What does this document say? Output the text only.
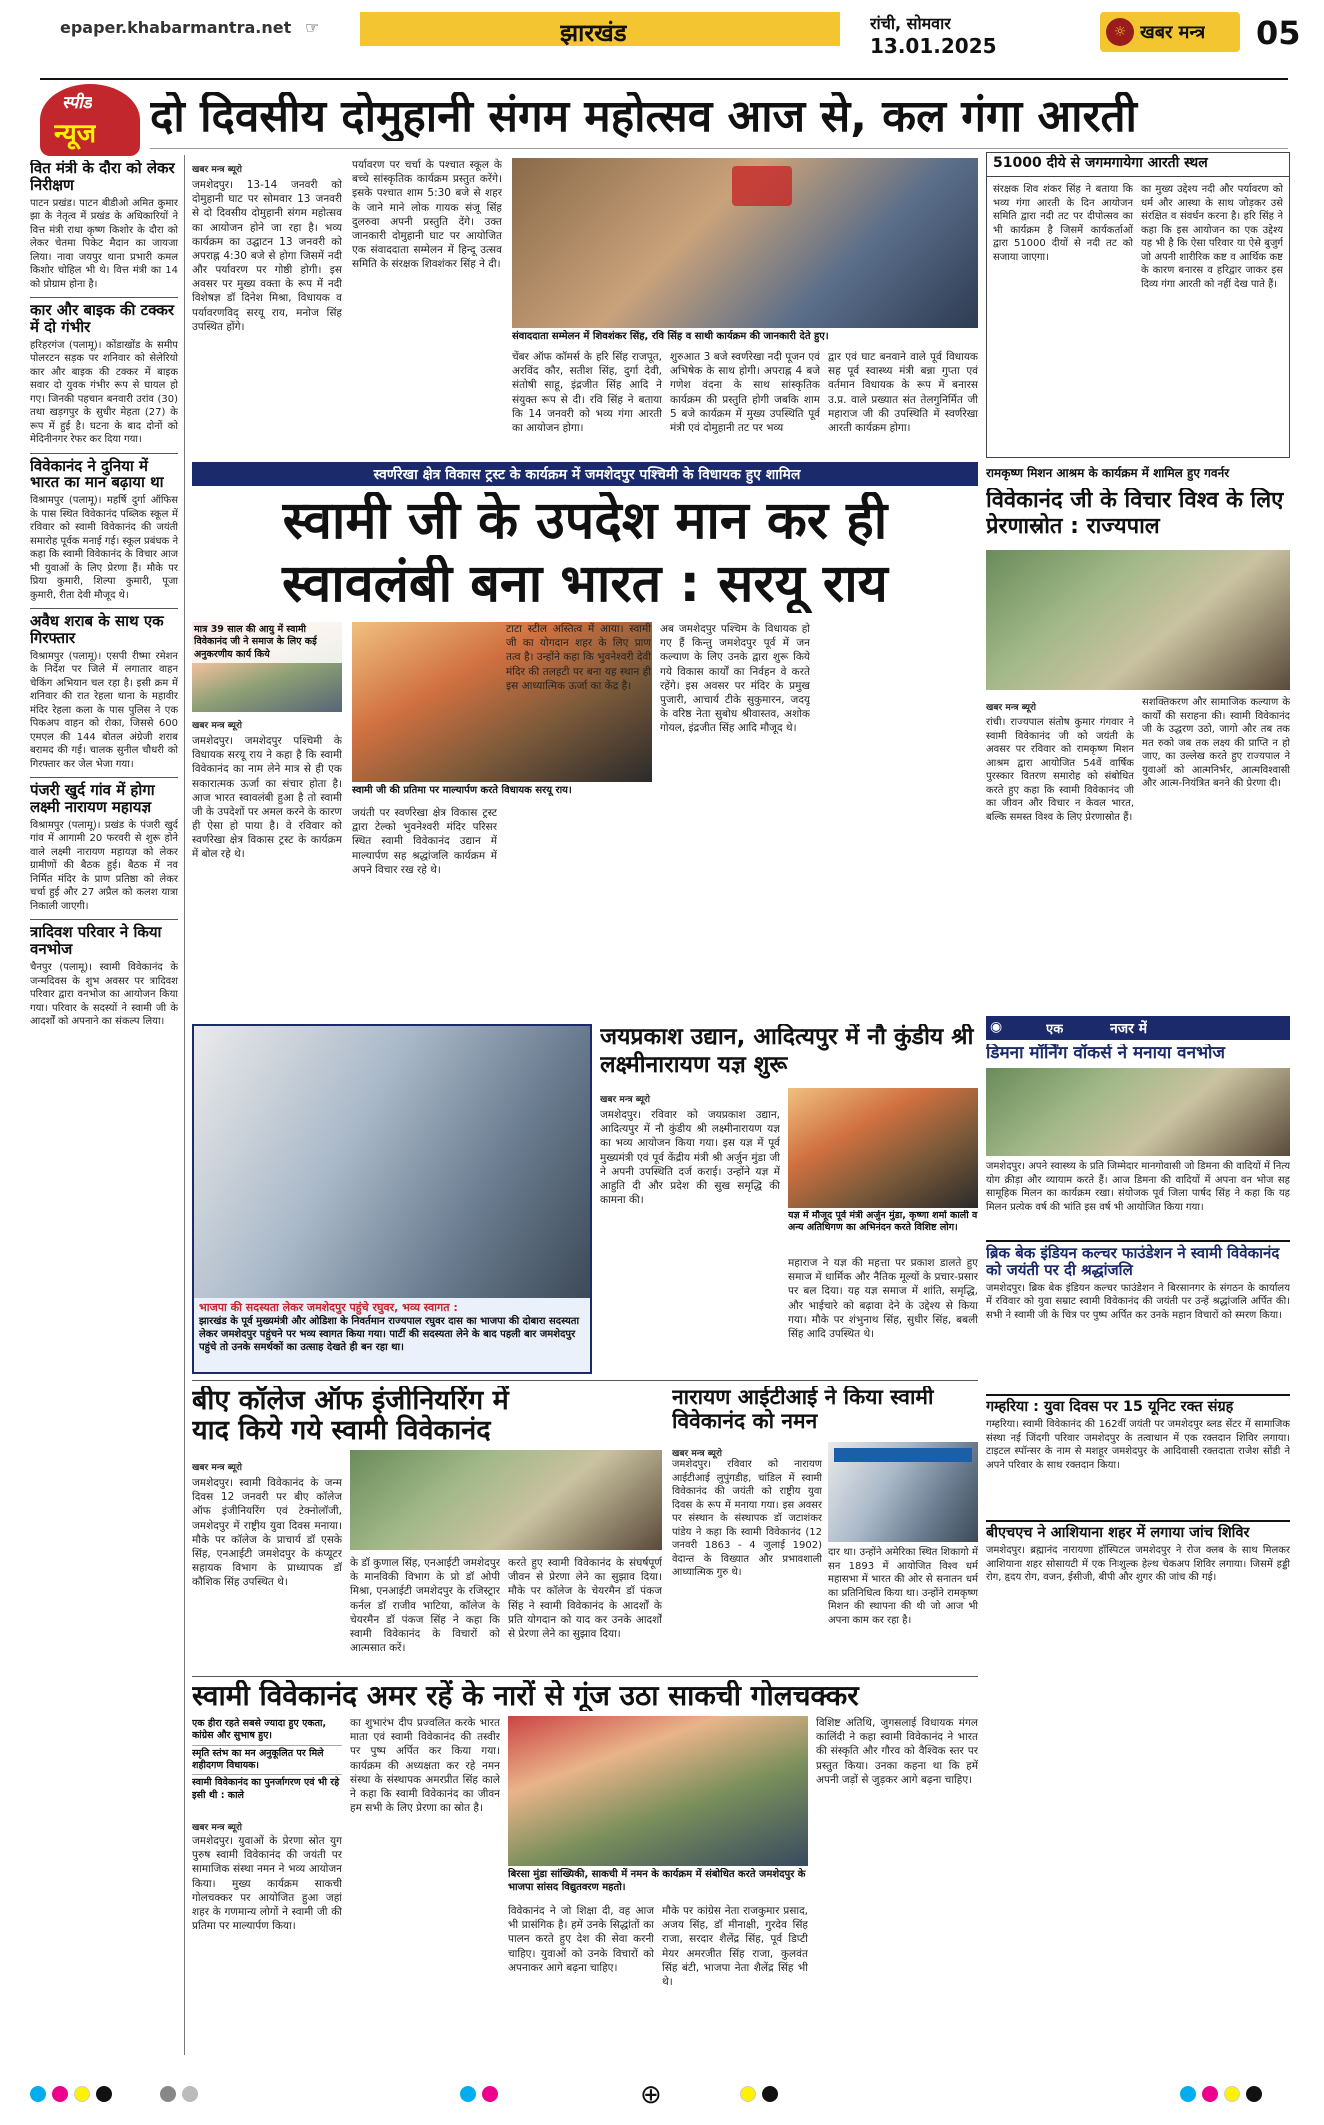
epaper.khabarmantra.net ☞	झारखंड	रांची, सोमवार
13.01.2025
☼ खबर मन्त्र 05
स्पीड
न्यूज दो दिवसीय दोमुहानी संगम महोत्सव आज से, कल गंगा आरती
वित मंत्री के दौरा को लेकर निरीक्षण
पाटन प्रखंड। पाटन बीडीओ अमित कुमार झा के नेतृत्व में प्रखंड के अधिकारियों ने वित्त मंत्री राधा कृष्ण किशोर के दौरा को लेकर चेतमा पिकेट मैदान का जायजा लिया। नावा जयपुर थाना प्रभारी कमल किशोर चोहिल भी थे। वित्त मंत्री का 14 को प्रोग्राम होना है।
कार और बाइक की टक्कर में दो गंभीर
हरिहरगंज (पलामू)। कोंडाखोंड के समीप पोलरटन सड़क पर शनिवार को सेलेरियो कार और बाइक की टक्कर में बाइक सवार दो युवक गंभीर रूप से घायल हो गए। जिनकी पहचान बनवारी उरांव (30) तथा खड़गपुर के सुधीर मेहता (27) के रूप में हुई है। घटना के बाद दोनों को मेदिनीनगर रेफर कर दिया गया।
विवेकानंद ने दुनिया में भारत का मान बढ़ाया था
विश्रामपुर (पलामू)। महर्षि दुर्गा ऑफिस के पास स्थित विवेकानंद पब्लिक स्कूल में रविवार को स्वामी विवेकानंद की जयंती समारोह पूर्वक मनाई गई। स्कूल प्रबंधक ने कहा कि स्वामी विवेकानंद के विचार आज भी युवाओं के लिए प्रेरणा हैं। मौके पर प्रिया कुमारी, शिल्पा कुमारी, पूजा कुमारी, रीता देवी मौजूद थे।
अवैध शराब के साथ एक गिरफ्तार
विश्रामपुर (पलामू)। एसपी रीष्मा रमेशन के निर्देश पर जिले में लगातार वाहन चेकिंग अभियान चल रहा है। इसी क्रम में शनिवार की रात रेहला थाना के महावीर मंदिर रेहला कला के पास पुलिस ने एक पिकअप वाहन को रोका, जिससे 600 एमएल की 144 बोतल अंग्रेजी शराब बरामद की गई। चालक सुनील चौधरी को गिरफ्तार कर जेल भेजा गया।
पंजरी खुर्द गांव में होगा लक्ष्मी नारायण महायज्ञ
विश्रामपुर (पलामू)। प्रखंड के पंजरी खुर्द गांव में आगामी 20 फरवरी से शुरू होने वाले लक्ष्मी नारायण महायज्ञ को लेकर ग्रामीणों की बैठक हुई। बैठक में नव निर्मित मंदिर के प्राण प्रतिष्ठा को लेकर चर्चा हुई और 27 अप्रैल को कलश यात्रा निकाली जाएगी।
त्रादिवश परिवार ने किया वनभोज
चैनपुर (पलामू)। स्वामी विवेकानंद के जन्मदिवस के शुभ अवसर पर त्रादिवश परिवार द्वारा वनभोज का आयोजन किया गया। परिवार के सदस्यों ने स्वामी जी के आदर्शों को अपनाने का संकल्प लिया।
खबर मन्त्र ब्यूरो
जमशेदपुर। 13-14 जनवरी को दोमुहानी घाट पर सोमवार 13 जनवरी से दो दिवसीय दोमुहानी संगम महोत्सव का आयोजन होने जा रहा है। भव्य कार्यक्रम का उद्घाटन 13 जनवरी को अपराह्न 4:30 बजे से होगा जिसमें नदी और पर्यावरण पर गोष्ठी होगी। इस अवसर पर मुख्य वक्ता के रूप में नदी विशेषज्ञ डॉ दिनेश मिश्रा, विधायक व पर्यावरणविद् सरयू राय, मनोज सिंह उपस्थित होंगे।
पर्यावरण पर चर्चा के पश्चात स्कूल के बच्चे सांस्कृतिक कार्यक्रम प्रस्तुत करेंगे। इसके पश्चात शाम 5:30 बजे से शहर के जाने माने लोक गायक संजू सिंह दुलरुवा अपनी प्रस्तुति देंगे। उक्त जानकारी दोमुहानी घाट पर आयोजित एक संवाददाता सम्मेलन में हिन्दू उत्सव समिति के संरक्षक शिवशंकर सिंह ने दी।
संवाददाता सम्मेलन में शिवशंकर सिंह, रवि सिंह व साथी कार्यक्रम की जानकारी देते हुए।
चेंबर ऑफ कॉमर्स के हरि सिंह राजपूत, अरविंद कौर, सतीश सिंह, दुर्गा देवी, संतोषी साहू, इंद्रजीत सिंह आदि ने संयुक्त रूप से दी। रवि सिंह ने बताया कि 14 जनवरी को भव्य गंगा आरती का आयोजन होगा।
शुरुआत 3 बजे स्वर्णरेखा नदी पूजन एवं अभिषेक के साथ होगी। अपराह्न 4 बजे गणेश वंदना के साथ सांस्कृतिक कार्यक्रम की प्रस्तुति होगी जबकि शाम 5 बजे कार्यक्रम में मुख्य उपस्थिति पूर्व मंत्री एवं दोमुहानी तट पर भव्य
द्वार एवं घाट बनवाने वाले पूर्व विधायक सह पूर्व स्वास्थ्य मंत्री बन्ना गुप्ता एवं वर्तमान विधायक के रूप में बनारस उ.प्र. वाले प्रख्यात संत तेलगुनिर्मित जी महाराज जी की उपस्थिति में स्वर्णरेखा आरती कार्यक्रम होगा।
51000 दीये से जगमगायेगा आरती स्थल
संरक्षक शिव शंकर सिंह ने बताया कि भव्य गंगा आरती के दिन आयोजन समिति द्वारा नदी तट पर दीपोत्सव का भी कार्यक्रम है जिसमें कार्यकर्ताओं द्वारा 51000 दीयों से नदी तट को सजाया जाएगा।
का मुख्य उद्देश्य नदी और पर्यावरण को धर्म और आस्था के साथ जोड़कर उसे संरक्षित व संवर्धन करना है। हरि सिंह ने कहा कि इस आयोजन का एक उद्देश्य यह भी है कि ऐसा परिवार या ऐसे बुजुर्ग जो अपनी शारीरिक कष्ट व आर्थिक कष्ट के कारण बनारस व हरिद्वार जाकर इस दिव्य गंगा आरती को नहीं देख पाते हैं।
स्वर्णरेखा क्षेत्र विकास ट्रस्ट के कार्यक्रम में जमशेदपुर पश्चिमी के विधायक हुए शामिल	रामकृष्ण मिशन आश्रम के कार्यक्रम में शामिल हुए गवर्नर
स्वामी जी के उपदेश मान कर ही
स्वावलंबी बना भारत : सरयू राय
मात्र 39 साल की आयु में स्वामी विवेकानंद जी ने समाज के लिए कई अनुकरणीय कार्य किये
खबर मन्त्र ब्यूरो
जमशेदपुर। जमशेदपुर पश्चिमी के विधायक सरयू राय ने कहा है कि स्वामी विवेकानंद का नाम लेने मात्र से ही एक सकारात्मक ऊर्जा का संचार होता है। आज भारत स्वावलंबी हुआ है तो स्वामी जी के उपदेशों पर अमल करने के कारण ही ऐसा हो पाया है। वे रविवार को स्वर्णरेखा क्षेत्र विकास ट्रस्ट के कार्यक्रम में बोल रहे थे।
स्वामी जी की प्रतिमा पर माल्यार्पण करते विधायक सरयू राय।
जयंती पर स्वर्णरेखा क्षेत्र विकास ट्रस्ट द्वारा टेल्को भुवनेश्वरी मंदिर परिसर स्थित स्वामी विवेकानंद उद्यान में माल्यार्पण सह श्रद्धांजलि कार्यक्रम में अपने विचार रख रहे थे।
टाटा स्टील अस्तित्व में आया। स्वामी जी का योगदान शहर के लिए प्राण तत्व है। उन्होंने कहा कि भुवनेश्वरी देवी मंदिर की तलहटी पर बना यह स्थान ही इस आध्यात्मिक ऊर्जा का केंद्र है।
अब जमशेदपुर पश्चिम के विधायक हो गए हैं किन्तु जमशेदपुर पूर्व में जन कल्याण के लिए उनके द्वारा शुरू किये गये विकास कार्यों का निर्वहन वे करते रहेंगे। इस अवसर पर मंदिर के प्रमुख पुजारी, आचार्य टीके सुकुमारन, जदयू के वरिष्ठ नेता सुबोध श्रीवास्तव, अशोक गोयल, इंद्रजीत सिंह आदि मौजूद थे।
विवेकानंद जी के विचार विश्व के लिए प्रेरणास्रोत : राज्यपाल
खबर मन्त्र ब्यूरो
रांची। राज्यपाल संतोष कुमार गंगवार ने स्वामी विवेकानंद जी को जयंती के अवसर पर रविवार को रामकृष्ण मिशन आश्रम द्वारा आयोजित 54वें वार्षिक पुरस्कार वितरण समारोह को संबोधित करते हुए कहा कि स्वामी विवेकानंद जी का जीवन और विचार न केवल भारत, बल्कि समस्त विश्व के लिए प्रेरणास्रोत हैं।
सशक्तिकरण और सामाजिक कल्याण के कार्यों की सराहना की। स्वामी विवेकानंद जी के उद्धरण उठो, जागो और तब तक मत रुको जब तक लक्ष्य की प्राप्ति न हो जाए, का उल्लेख करते हुए राज्यपाल ने युवाओं को आत्मनिर्भर, आत्मविश्वासी और आत्म-नियंत्रित बनने की प्रेरणा दी।
भाजपा की सदस्यता लेकर जमशेदपुर पहुंचे रघुवर, भव्य स्वागत :
झारखंड के पूर्व मुख्यमंत्री और ओडिशा के निवर्तमान राज्यपाल रघुवर दास का भाजपा की दोबारा सदस्यता लेकर जमशेदपुर पहुंचने पर भव्य स्वागत किया गया। पार्टी की सदस्यता लेने के बाद पहली बार जमशेदपुर पहुंचे तो उनके समर्थकों का उत्साह देखते ही बन रहा था।
जयप्रकाश उद्यान, आदित्यपुर में नौ कुंडीय श्री लक्ष्मीनारायण यज्ञ शुरू
खबर मन्त्र ब्यूरो
जमशेदपुर। रविवार को जयप्रकाश उद्यान, आदित्यपुर में नौ कुंडीय श्री लक्ष्मीनारायण यज्ञ का भव्य आयोजन किया गया। इस यज्ञ में पूर्व मुख्यमंत्री एवं पूर्व केंद्रीय मंत्री श्री अर्जुन मुंडा जी ने अपनी उपस्थिति दर्ज कराई। उन्होंने यज्ञ में आहुति दी और प्रदेश की सुख समृद्धि की कामना की।
यज्ञ में मौजूद पूर्व मंत्री अर्जुन मुंडा, कृष्णा शर्मा काली व अन्य अतिथिगण का अभिनंदन करते विशिष्ट लोग।
महाराज ने यज्ञ की महत्ता पर प्रकाश डालते हुए समाज में धार्मिक और नैतिक मूल्यों के प्रचार-प्रसार पर बल दिया। यह यज्ञ समाज में शांति, समृद्धि, और भाईचारे को बढ़ावा देने के उद्देश्य से किया गया। मौके पर शंभुनाथ सिंह, सुधीर सिंह, बबली सिंह आदि उपस्थित थे।
◉	एक	नजर में
डिमना मॉर्निंग वॉकर्स ने मनाया वनभोज
जमशेदपुर। अपने स्वास्थ्य के प्रति जिम्मेदार मानगोवासी जो डिमना की वादियों में नित्य योग क्रीड़ा और व्यायाम करते हैं। आज डिमना की वादियों में अपना वन भोज सह सामूहिक मिलन का कार्यक्रम रखा। संयोजक पूर्व जिला पार्षद सिंह ने कहा कि यह मिलन प्रत्येक वर्ष की भांति इस वर्ष भी आयोजित किया गया।
ब्रिक बेक इंडियन कल्चर फाउंडेशन ने स्वामी विवेकानंद को जयंती पर दी श्रद्धांजलि
जमशेदपुर। ब्रिक बेक इंडियन कल्चर फाउंडेशन ने बिरसानगर के संगठन के कार्यालय में रविवार को युवा सम्राट स्वामी विवेकानंद की जयंती पर उन्हें श्रद्धांजलि अर्पित की। सभी ने स्वामी जी के चित्र पर पुष्प अर्पित कर उनके महान विचारों को स्मरण किया।
गम्हरिया : युवा दिवस पर 15 यूनिट रक्त संग्रह
गम्हरिया। स्वामी विवेकानंद की 162वीं जयंती पर जमशेदपुर ब्लड सेंटर में सामाजिक संस्था नई जिंदगी परिवार जमशेदपुर के तत्वाधान में एक रक्तदान शिविर लगाया। टाइटल स्पॉन्सर के नाम से मशहूर जमशेदपुर के आदिवासी रक्तदाता राजेश सोंडी ने अपने परिवार के साथ रक्तदान किया।
बीएचएच ने आशियाना शहर में लगाया जांच शिविर
जमशेदपुर। ब्रह्मानंद नारायणा हॉस्पिटल जमशेदपुर ने रोज क्लब के साथ मिलकर आशियाना शहर सोसायटी में एक निःशुल्क हेल्थ चेकअप शिविर लगाया। जिसमें हड्डी रोग, हृदय रोग, वजन, ईसीजी, बीपी और शुगर की जांच की गई।
बीए कॉलेज ऑफ इंजीनियरिंग में
याद किये गये स्वामी विवेकानंद
खबर मन्त्र ब्यूरो
जमशेदपुर। स्वामी विवेकानंद के जन्म दिवस 12 जनवरी पर बीए कॉलेज ऑफ इंजीनियरिंग एवं टेक्नोलॉजी, जमशेदपुर में राष्ट्रीय युवा दिवस मनाया। मौके पर कॉलेज के प्राचार्य डॉ एसके सिंह, एनआईटी जमशेदपुर के कंप्यूटर सहायक विभाग के प्राध्यापक डॉ कौशिक सिंह उपस्थित थे।
के डॉ कुणाल सिंह, एनआईटी जमशेदपुर के मानविकी विभाग के प्रो डॉ ओपी मिश्रा, एनआईटी जमशेदपुर के रजिस्ट्रार कर्नल डॉ राजीव भाटिया, कॉलेज के चेयरमैन डॉ पंकज सिंह ने कहा कि स्वामी विवेकानंद के विचारों को आत्मसात करें।
करते हुए स्वामी विवेकानंद के संघर्षपूर्ण जीवन से प्रेरणा लेने का सुझाव दिया। मौके पर कॉलेज के चेयरमैन डॉ पंकज सिंह ने स्वामी विवेकानंद के आदर्शों के प्रति योगदान को याद कर उनके आदर्शों से प्रेरणा लेने का सुझाव दिया।
नारायण आईटीआई ने किया स्वामी विवेकानंद को नमन
खबर मन्त्र ब्यूरो
जमशेदपुर। रविवार को नारायण आईटीआई लुपुंगडीह, चांडिल में स्वामी विवेकानंद की जयंती को राष्ट्रीय युवा दिवस के रूप में मनाया गया। इस अवसर पर संस्थान के संस्थापक डॉ जटाशंकर पांडेय ने कहा कि स्वामी विवेकानंद (12 जनवरी 1863 - 4 जुलाई 1902) वेदान्त के विख्यात और प्रभावशाली आध्यात्मिक गुरु थे।
दार था। उन्होंने अमेरिका स्थित शिकागो में सन 1893 में आयोजित विश्व धर्म महासभा में भारत की ओर से सनातन धर्म का प्रतिनिधित्व किया था। उन्होंने रामकृष्ण मिशन की स्थापना की थी जो आज भी अपना काम कर रहा है।
स्वामी विवेकानंद अमर रहें के नारों से गूंज उठा साकची गोलचक्कर
एक हीरा रहते सबसे ज्यादा हुए एकता, कांग्रेस और सुभाष हुए।
स्मृति स्तंभ का मन अनुकूलित पर मिले शहीदगण विधायक।
स्वामी विवेकानंद का पुनर्जागरण एवं भी रहे इसी थी : काले
खबर मन्त्र ब्यूरो
जमशेदपुर। युवाओं के प्रेरणा स्रोत युग पुरुष स्वामी विवेकानंद की जयंती पर सामाजिक संस्था नमन ने भव्य आयोजन किया। मुख्य कार्यक्रम साकची गोलचक्कर पर आयोजित हुआ जहां शहर के गणमान्य लोगों ने स्वामी जी की प्रतिमा पर माल्यार्पण किया।
का शुभारंभ दीप प्रज्वलित करके भारत माता एवं स्वामी विवेकानंद की तस्वीर पर पुष्प अर्पित कर किया गया। कार्यक्रम की अध्यक्षता कर रहे नमन संस्था के संस्थापक अमरप्रीत सिंह काले ने कहा कि स्वामी विवेकानंद का जीवन हम सभी के लिए प्रेरणा का स्रोत है।
बिरसा मुंडा सांख्यिकी, साकची में नमन के कार्यक्रम में संबोधित करते जमशेदपुर के भाजपा सांसद विद्युतवरण महतो।
विवेकानंद ने जो शिक्षा दी, वह आज भी प्रासंगिक है। हमें उनके सिद्धांतों का पालन करते हुए देश की सेवा करनी चाहिए। युवाओं को उनके विचारों को अपनाकर आगे बढ़ना चाहिए।
मौके पर कांग्रेस नेता राजकुमार प्रसाद, अजय सिंह, डॉ मीनाक्षी, गुरदेव सिंह राजा, सरदार शैलेंद्र सिंह, पूर्व डिप्टी मेयर अमरजीत सिंह राजा, कुलवंत सिंह बंटी, भाजपा नेता शैलेंद्र सिंह भी थे।
विशिष्ट अतिथि, जुगसलाई विधायक मंगल कालिंदी ने कहा स्वामी विवेकानंद ने भारत की संस्कृति और गौरव को वैश्विक स्तर पर प्रस्तुत किया। उनका कहना था कि हमें अपनी जड़ों से जुड़कर आगे बढ़ना चाहिए।
⊕
